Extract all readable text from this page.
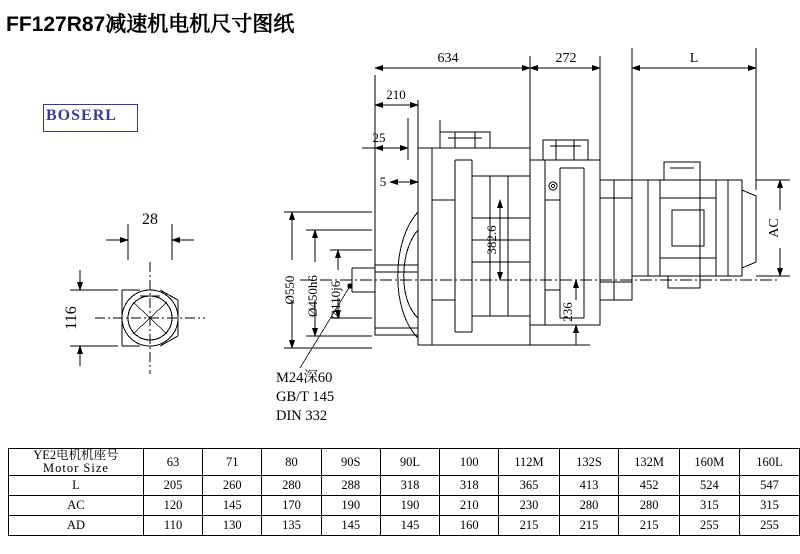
FF127R87减速机电机尺寸图纸
BOSERL
28
116
634	272	L
210
25
5
Ø550 Ø450h6 Ø110j6
382.6
236
AC
M24深60
GB/T 145
DIN 332
YE2电机机座号
Motor Size	63	71	80	90S	90L	100	112M	132S	132M	160M	160L
L	205	260	280	288	318	318	365	413	452	524	547
AC	120	145	170	190	190	210	230	280	280	315	315
AD	110	130	135	145	145	160	215	215	215	255	255
